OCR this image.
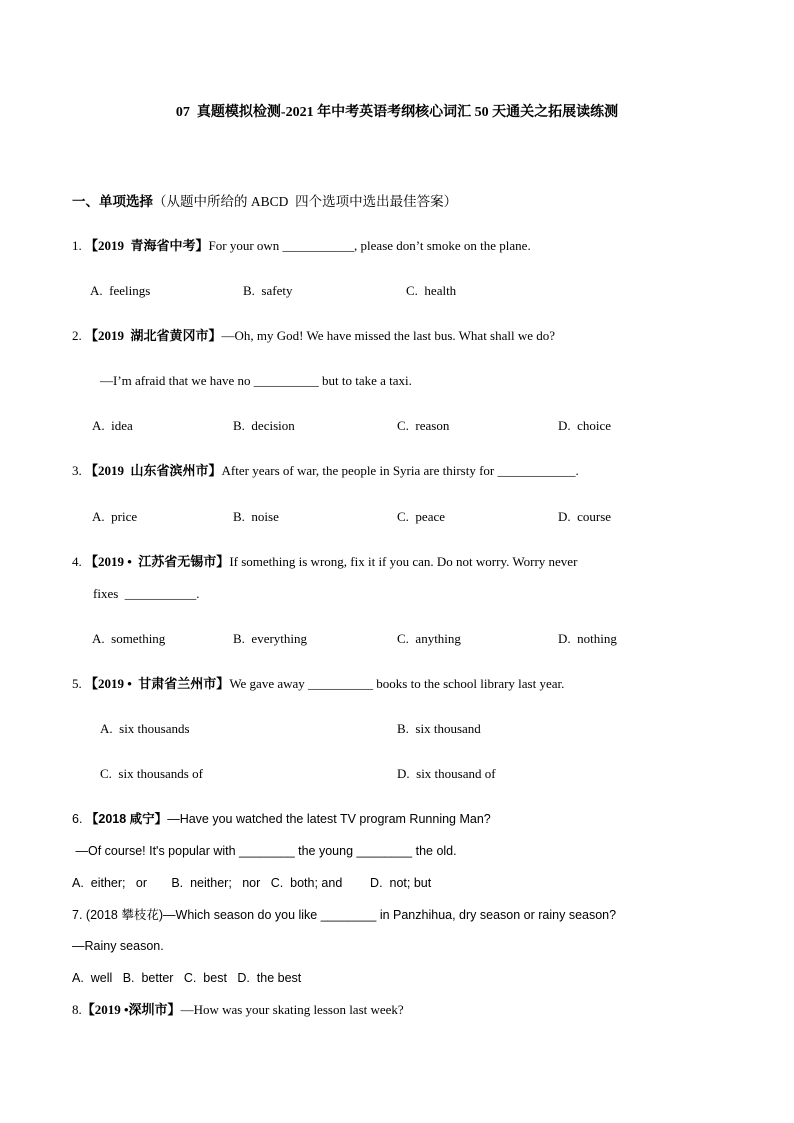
07  真题模拟检测-2021 年中考英语考纲核心词汇 50 天通关之拓展读练测
一、单项选择（从题中所给的 ABCD  四个选项中选出最佳答案）
1. 【2019  青海省中考】For your own ___________, please don’t smoke on the plane.
A.  feelings	B.  safety	C.  health
2. 【2019  湖北省黄冈市】—Oh, my God! We have missed the last bus. What shall we do?
—I’m afraid that we have no __________ but to take a taxi.
A.  idea	B.  decision	C.  reason	D.  choice
3. 【2019  山东省滨州市】After years of war, the people in Syria are thirsty for ____________.
A.  price	B.  noise	C.  peace	D.  course
4. 【2019 •  江苏省无锡市】If something is wrong, fix it if you can. Do not worry. Worry never
fixes  ___________.
A.  something	B.  everything	C.  anything	D.  nothing
5. 【2019 •  甘肃省兰州市】We gave away __________ books to the school library last year.
A.  six thousands	B.  six thousand
C.  six thousands of	D.  six thousand of
6. 【2018 咸宁】—Have you watched the latest TV program Running Man?
—Of course! It's popular with ________ the young ________ the old.
A.  either;   or       B.  neither;   nor   C.  both; and        D.  not; but
7. (2018 攀枝花)—Which season do you like ________ in Panzhihua, dry season or rainy season?
—Rainy season.
A.  well   B.  better   C.  best   D.  the best
8.【2019 •深圳市】—How was your skating lesson last week?
